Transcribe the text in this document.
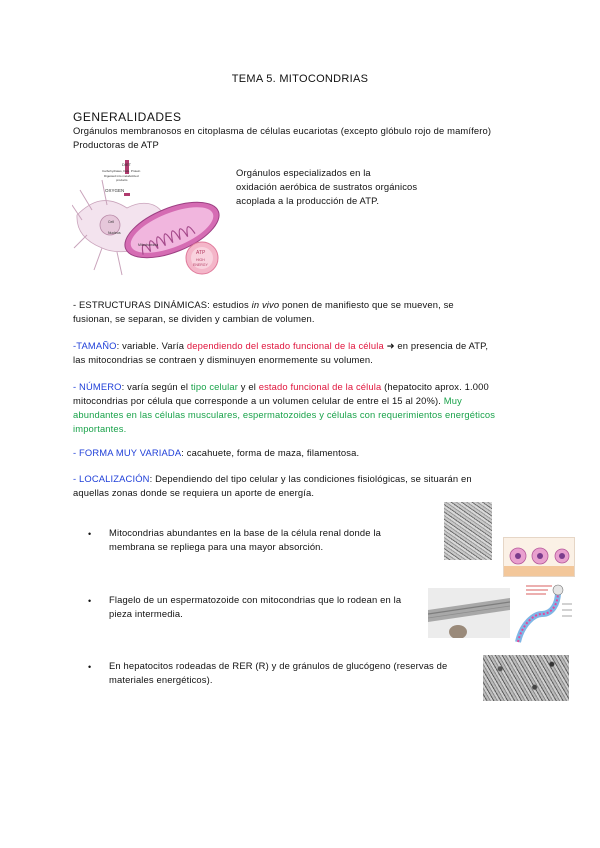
TEMA 5. MITOCONDRIAS
GENERALIDADES
Orgánulos membranosos en citoplasma de células eucariotas (excepto glóbulo rojo de mamífero)
Productoras de ATP
DIET
Carbohydrates, Fats, Protein
Digested into metabolized
products
OXYGEN
Nucleus
Cell
Mitochondria
ATP
HIGH
ENERGY
Orgánulos especializados en la
oxidación aeróbica de sustratos orgánicos
acoplada a la producción de ATP.
- ESTRUCTURAS DINÁMICAS: estudios in vivo ponen de manifiesto que se mueven, se
fusionan, se separan, se dividen y cambian de volumen.
-TAMAÑO: variable. Varía dependiendo del estado funcional de la célula ➜ en presencia de ATP,
las mitocondrias se contraen y disminuyen enormemente su volumen.
- NÚMERO: varía según el tipo celular y el estado funcional de la célula (hepatocito aprox. 1.000
mitocondrias por célula que corresponde a un volumen celular de entre el 15 al 20%). Muy
abundantes en las células musculares, espermatozoides y células con requerimientos energéticos
importantes.
- FORMA MUY VARIADA: cacahuete, forma de maza, filamentosa.
- LOCALIZACIÓN: Dependiendo del tipo celular y las condiciones fisiológicas, se situarán en
aquellas zonas donde se requiera un aporte de energía.
• Mitocondrias abundantes en la base de la célula renal donde la
membrana se repliega para una mayor absorción.
• Flagelo de un espermatozoide con mitocondrias que lo rodean en la
pieza intermedia.
• En hepatocitos rodeadas de RER (R) y de gránulos de glucógeno (reservas de
materiales energéticos).
